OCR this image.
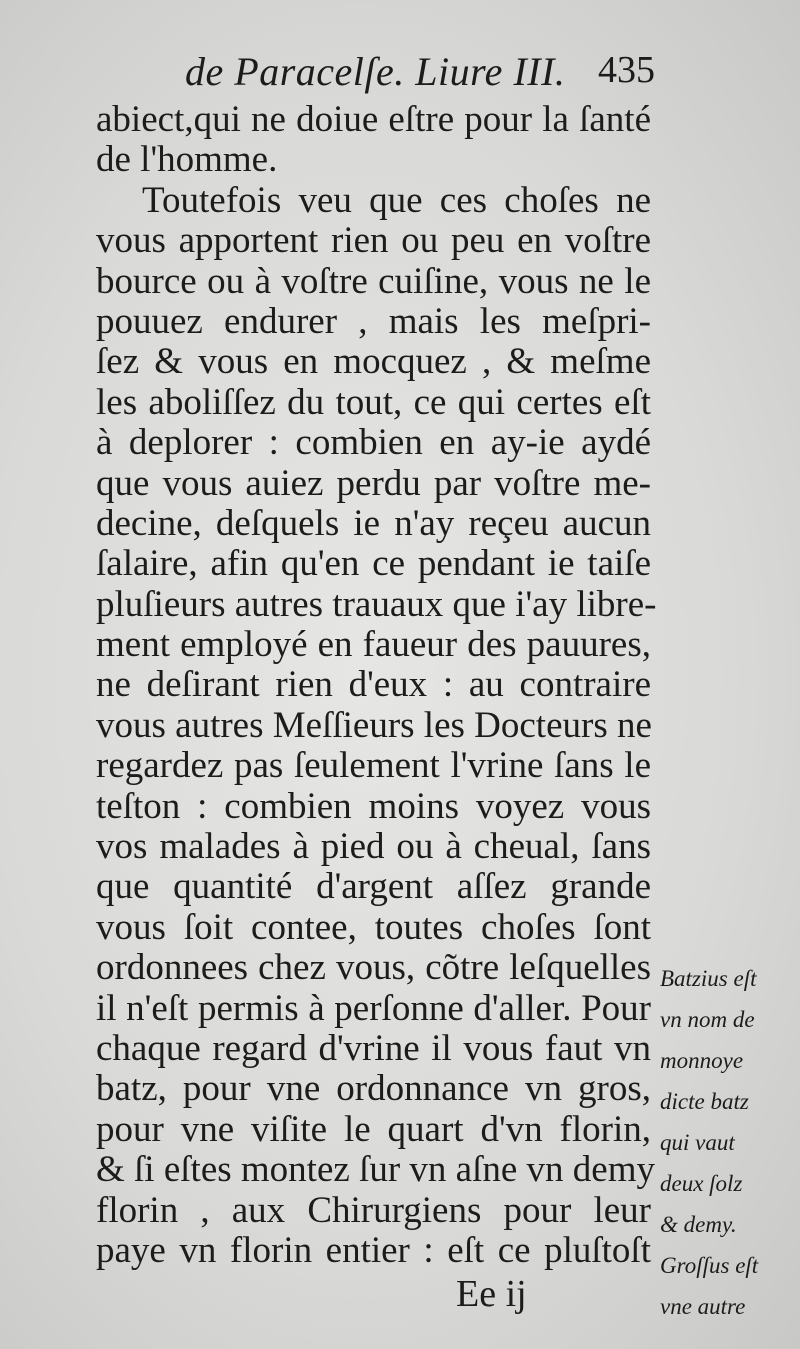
de Paracelſe. Liure III. 435
abiect,qui ne doiue eſtre pour la ſanté
de l'homme.
Toutefois veu que ces choſes ne
vous apportent rien ou peu en voſtre
bource ou à voſtre cuiſine, vous ne le
pouuez endurer , mais les meſpri-
ſez & vous en mocquez , & meſme
les aboliſſez du tout, ce qui certes eſt
à deplorer : combien en ay-ie aydé
que vous auiez perdu par voſtre me-
decine, deſquels ie n'ay reçeu aucun
ſalaire, afin qu'en ce pendant ie taiſe
pluſieurs autres trauaux que i'ay libre-
ment employé en faueur des pauures,
ne deſirant rien d'eux : au contraire
vous autres Meſſieurs les Docteurs ne
regardez pas ſeulement l'vrine ſans le
teſton : combien moins voyez vous
vos malades à pied ou à cheual, ſans
que quantité d'argent aſſez grande
vous ſoit contee, toutes choſes ſont
ordonnees chez vous, cõtre leſquelles
il n'eſt permis à perſonne d'aller. Pour
chaque regard d'vrine il vous faut vn
batz, pour vne ordonnance vn gros,
pour vne viſite le quart d'vn florin,
& ſi eſtes montez ſur vn aſne vn demy
florin , aux Chirurgiens pour leur
paye vn florin entier : eſt ce pluſtoſt
Batzius eſt
vn nom de
monnoye
dicte batz
qui vaut
deux ſolz
& demy.
Groſſus eſt
vne autre
Ee ij
